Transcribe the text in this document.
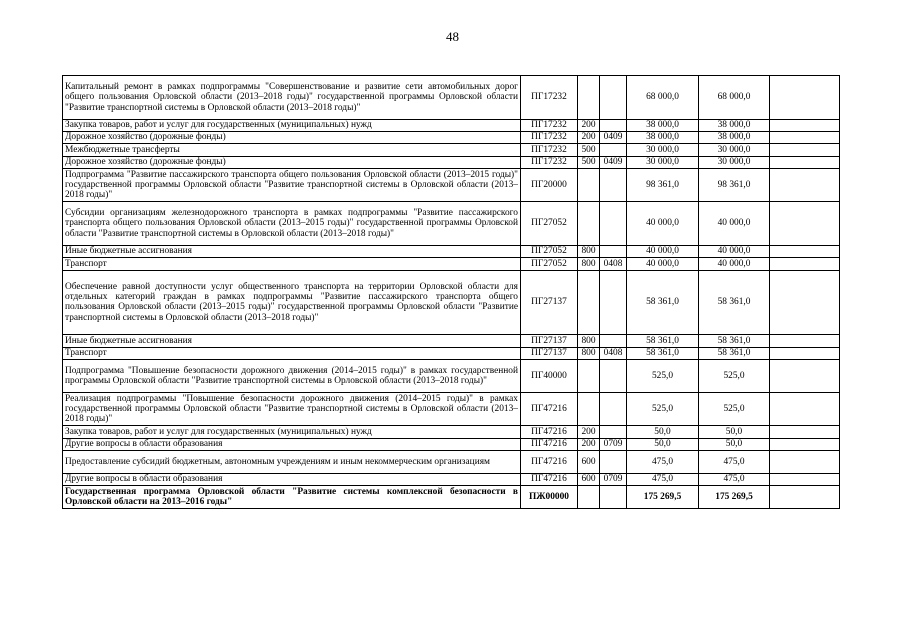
48
Капитальный ремонт в рамках подпрограммы "Совершенствование и развитие сети автомобильных дорог общего пользования Орловской области (2013–2018 годы)" государственной программы Орловской области "Развитие транспортной системы в Орловской области (2013–2018 годы)"	ПГ17232			68 000,0	68 000,0	
Закупка товаров, работ и услуг для государственных (муниципальных) нужд	ПГ17232	200		38 000,0	38 000,0	
Дорожное хозяйство (дорожные фонды)	ПГ17232	200	0409	38 000,0	38 000,0	
Межбюджетные трансферты	ПГ17232	500		30 000,0	30 000,0	
Дорожное хозяйство (дорожные фонды)	ПГ17232	500	0409	30 000,0	30 000,0	
Подпрограмма "Развитие пассажирского транспорта общего пользования Орловской области (2013–2015 годы)" государственной программы Орловской области "Развитие транспортной системы в Орловской области (2013–2018 годы)"	ПГ20000			98 361,0	98 361,0	
Субсидии организациям железнодорожного транспорта в рамках подпрограммы "Развитие пассажирского транспорта общего пользования Орловской области (2013–2015 годы)" государственной программы Орловской области "Развитие транспортной системы в Орловской области (2013–2018 годы)"	ПГ27052			40 000,0	40 000,0	
Иные бюджетные ассигнования	ПГ27052	800		40 000,0	40 000,0	
Транспорт	ПГ27052	800	0408	40 000,0	40 000,0	
Обеспечение равной доступности услуг общественного транспорта на территории Орловской области для отдельных категорий граждан в рамках подпрограммы "Развитие пассажирского транспорта общего пользования Орловской области (2013–2015 годы)" государственной программы Орловской области "Развитие транспортной системы в Орловской области (2013–2018 годы)"	ПГ27137			58 361,0	58 361,0	
Иные бюджетные ассигнования	ПГ27137	800		58 361,0	58 361,0	
Транспорт	ПГ27137	800	0408	58 361,0	58 361,0	
Подпрограмма "Повышение безопасности дорожного движения (2014–2015 годы)" в рамках государственной программы Орловской области "Развитие транспортной системы в Орловской области (2013–2018 годы)"	ПГ40000			525,0	525,0	
Реализация подпрограммы "Повышение безопасности дорожного движения (2014–2015 годы)" в рамках государственной программы Орловской области "Развитие транспортной системы в Орловской области (2013–2018 годы)"	ПГ47216			525,0	525,0	
Закупка товаров, работ и услуг для государственных (муниципальных) нужд	ПГ47216	200		50,0	50,0	
Другие вопросы в области образования	ПГ47216	200	0709	50,0	50,0	
Предоставление субсидий бюджетным, автономным учреждениям и иным некоммерческим организациям	ПГ47216	600		475,0	475,0	
Другие вопросы в области образования	ПГ47216	600	0709	475,0	475,0	
Государственная программа Орловской области "Развитие системы комплексной безопасности в Орловской области на 2013–2016 годы"	ПЖ00000			175 269,5	175 269,5	
